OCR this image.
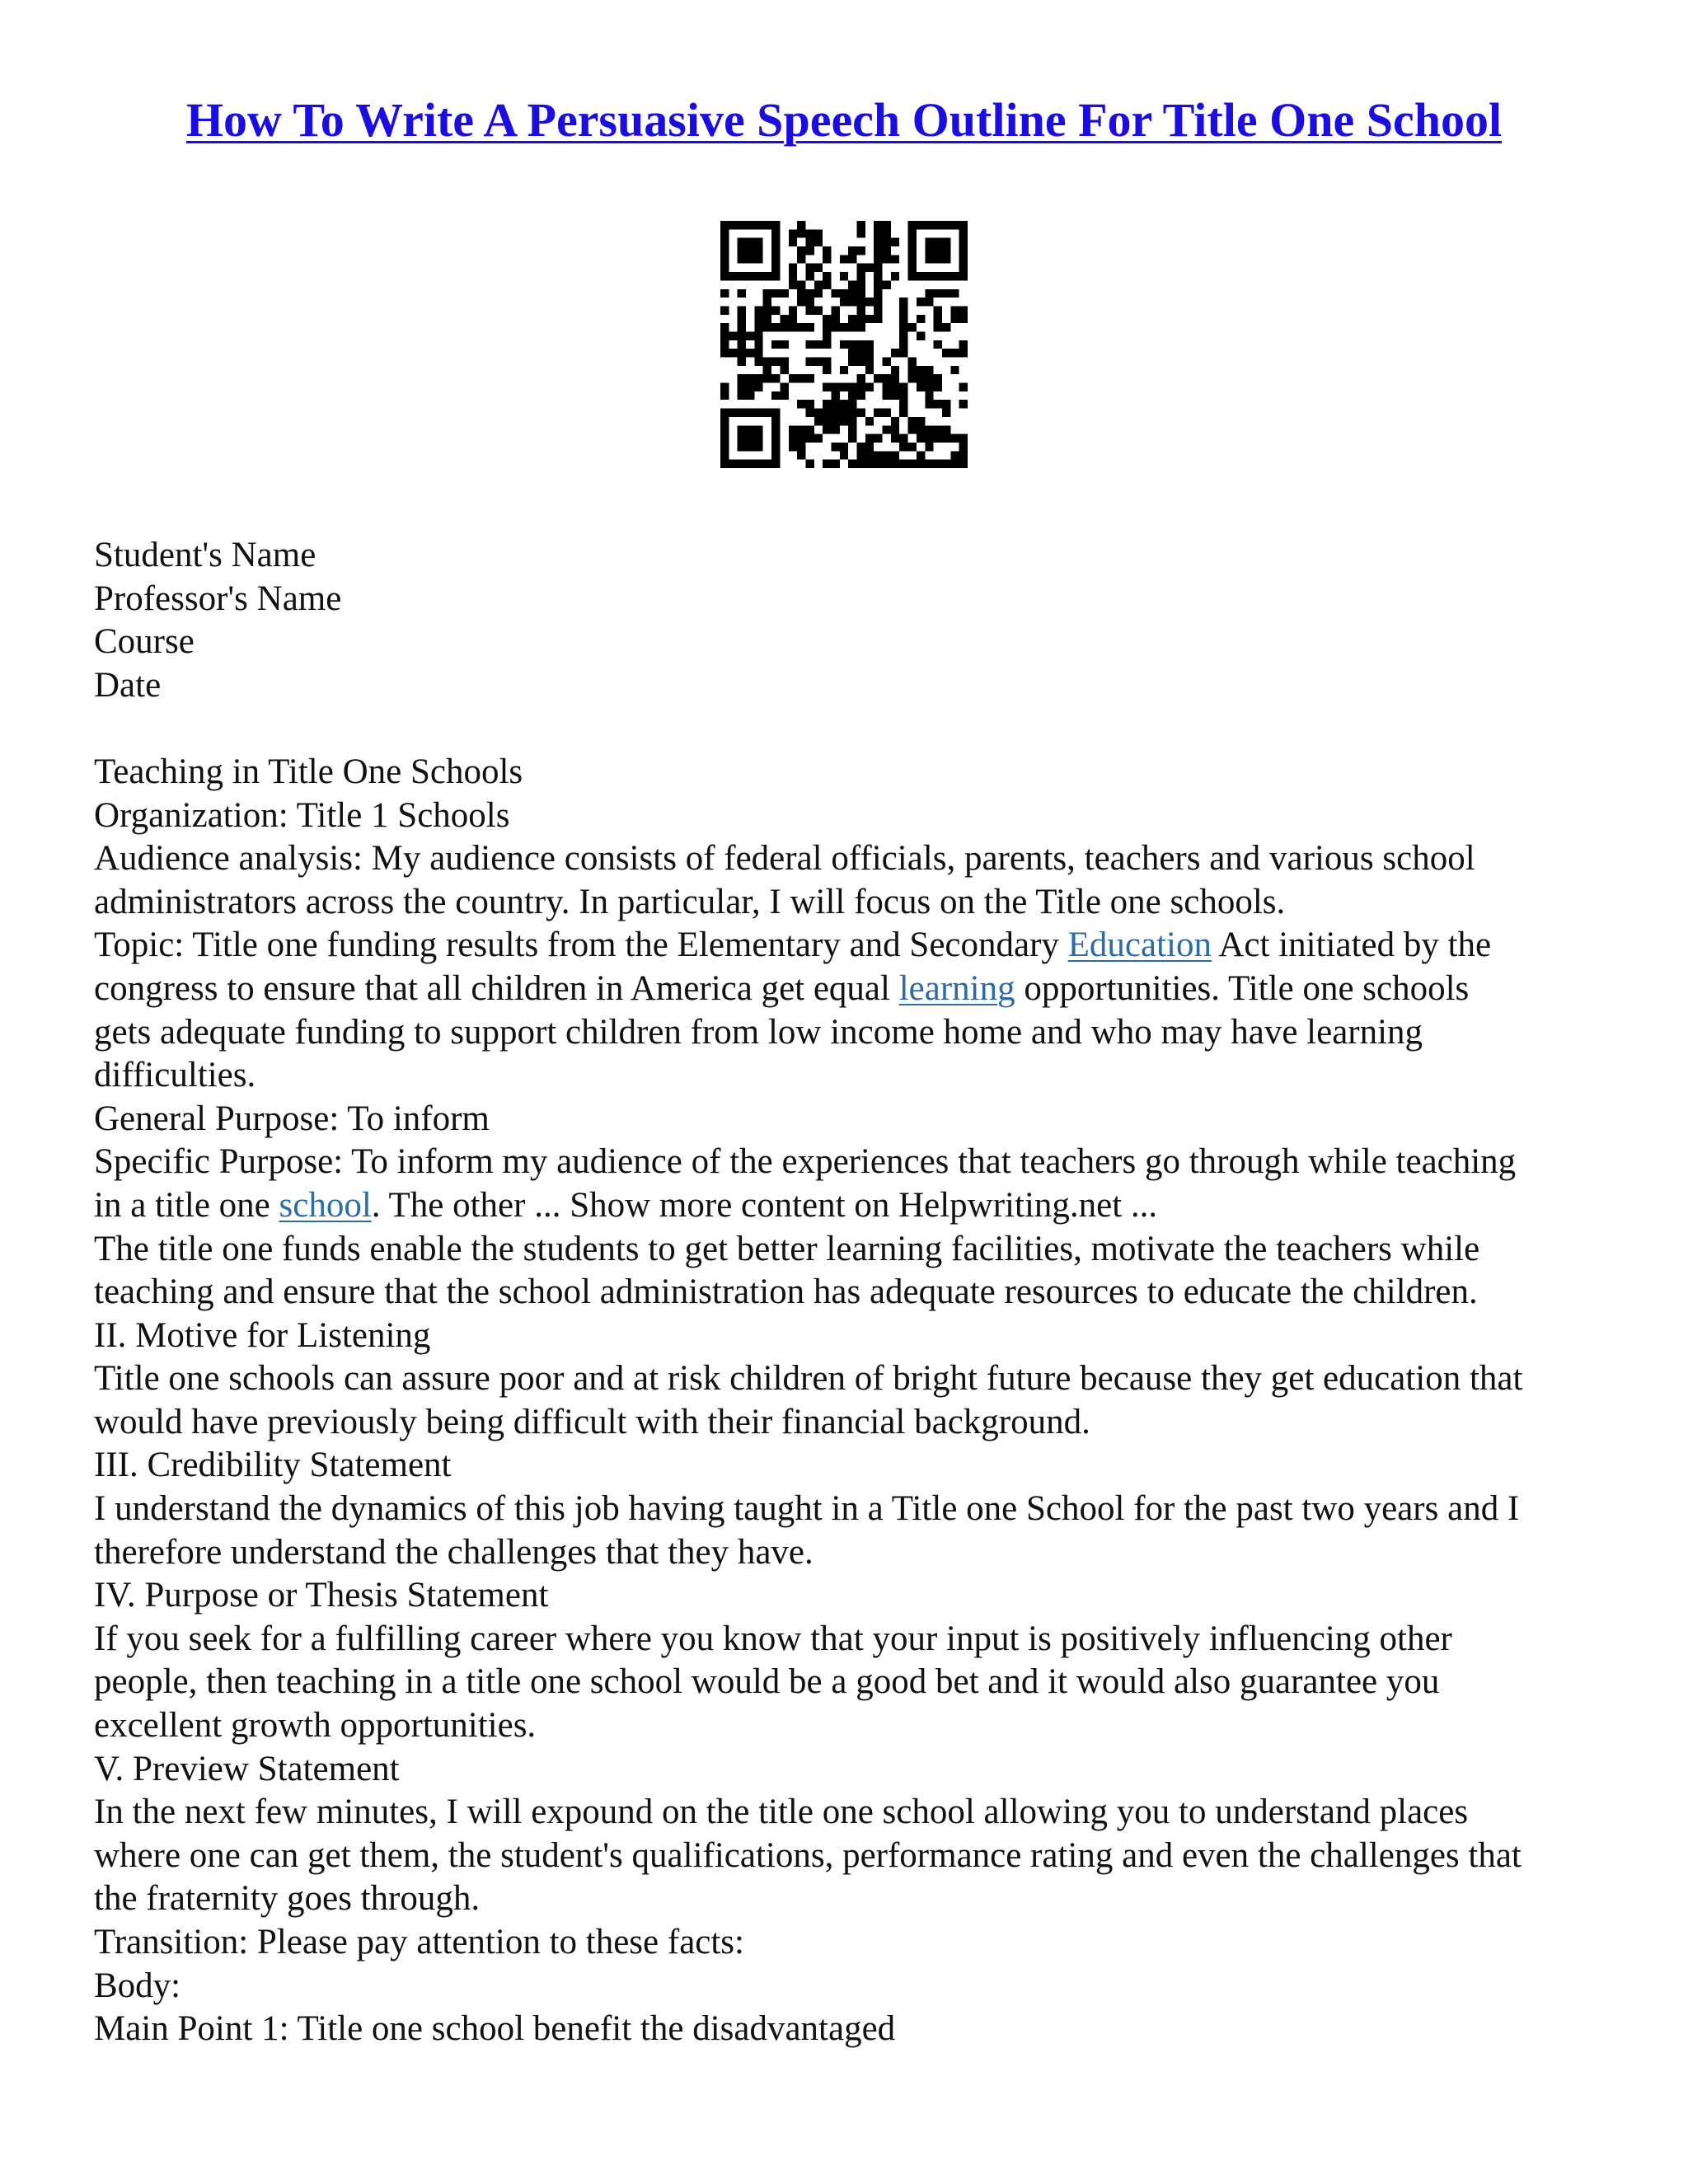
How To Write A Persuasive Speech Outline For Title One School
Student's Name
Professor's Name
Course
Date
Teaching in Title One Schools
Organization: Title 1 Schools
Audience analysis: My audience consists of federal officials, parents, teachers and various school
administrators across the country. In particular, I will focus on the Title one schools.
Topic: Title one funding results from the Elementary and Secondary Education Act initiated by the
congress to ensure that all children in America get equal learning opportunities. Title one schools
gets adequate funding to support children from low income home and who may have learning
difficulties.
General Purpose: To inform
Specific Purpose: To inform my audience of the experiences that teachers go through while teaching
in a title one school. The other ... Show more content on Helpwriting.net ...
The title one funds enable the students to get better learning facilities, motivate the teachers while
teaching and ensure that the school administration has adequate resources to educate the children.
II. Motive for Listening
Title one schools can assure poor and at risk children of bright future because they get education that
would have previously being difficult with their financial background.
III. Credibility Statement
I understand the dynamics of this job having taught in a Title one School for the past two years and I
therefore understand the challenges that they have.
IV. Purpose or Thesis Statement
If you seek for a fulfilling career where you know that your input is positively influencing other
people, then teaching in a title one school would be a good bet and it would also guarantee you
excellent growth opportunities.
V. Preview Statement
In the next few minutes, I will expound on the title one school allowing you to understand places
where one can get them, the student's qualifications, performance rating and even the challenges that
the fraternity goes through.
Transition: Please pay attention to these facts:
Body:
Main Point 1: Title one school benefit the disadvantaged
